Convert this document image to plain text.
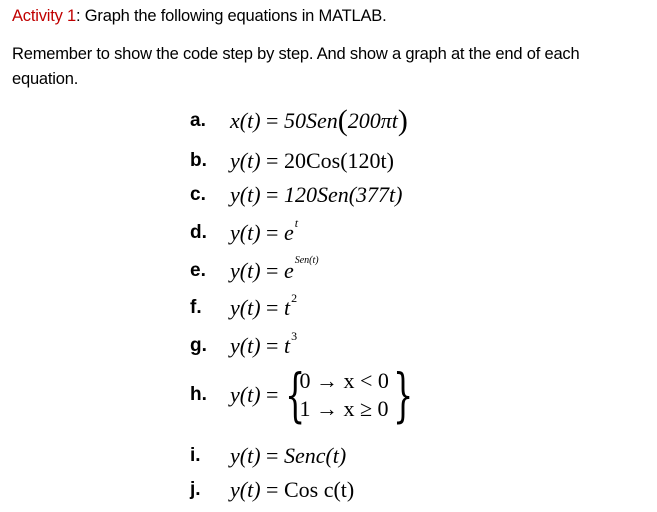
Activity 1: Graph the following equations in MATLAB.
Remember to show the code step by step. And show a graph at the end of each equation.
a.	x(t) = 50Sen ( 200πt )
b.	y(t) = 20Cos(120t)
c.	y(t) = 120Sen(377t)
d.	y(t) = e t
e.	y(t) = e Sen(t)
f.	y(t) = t 2
g.	y(t) = t 3
h.	y(t) = {
0 → x < 0
1 → x ≥ 0 }
i.	y(t) = Senc(t)
j.	y(t) = Cos c(t)
